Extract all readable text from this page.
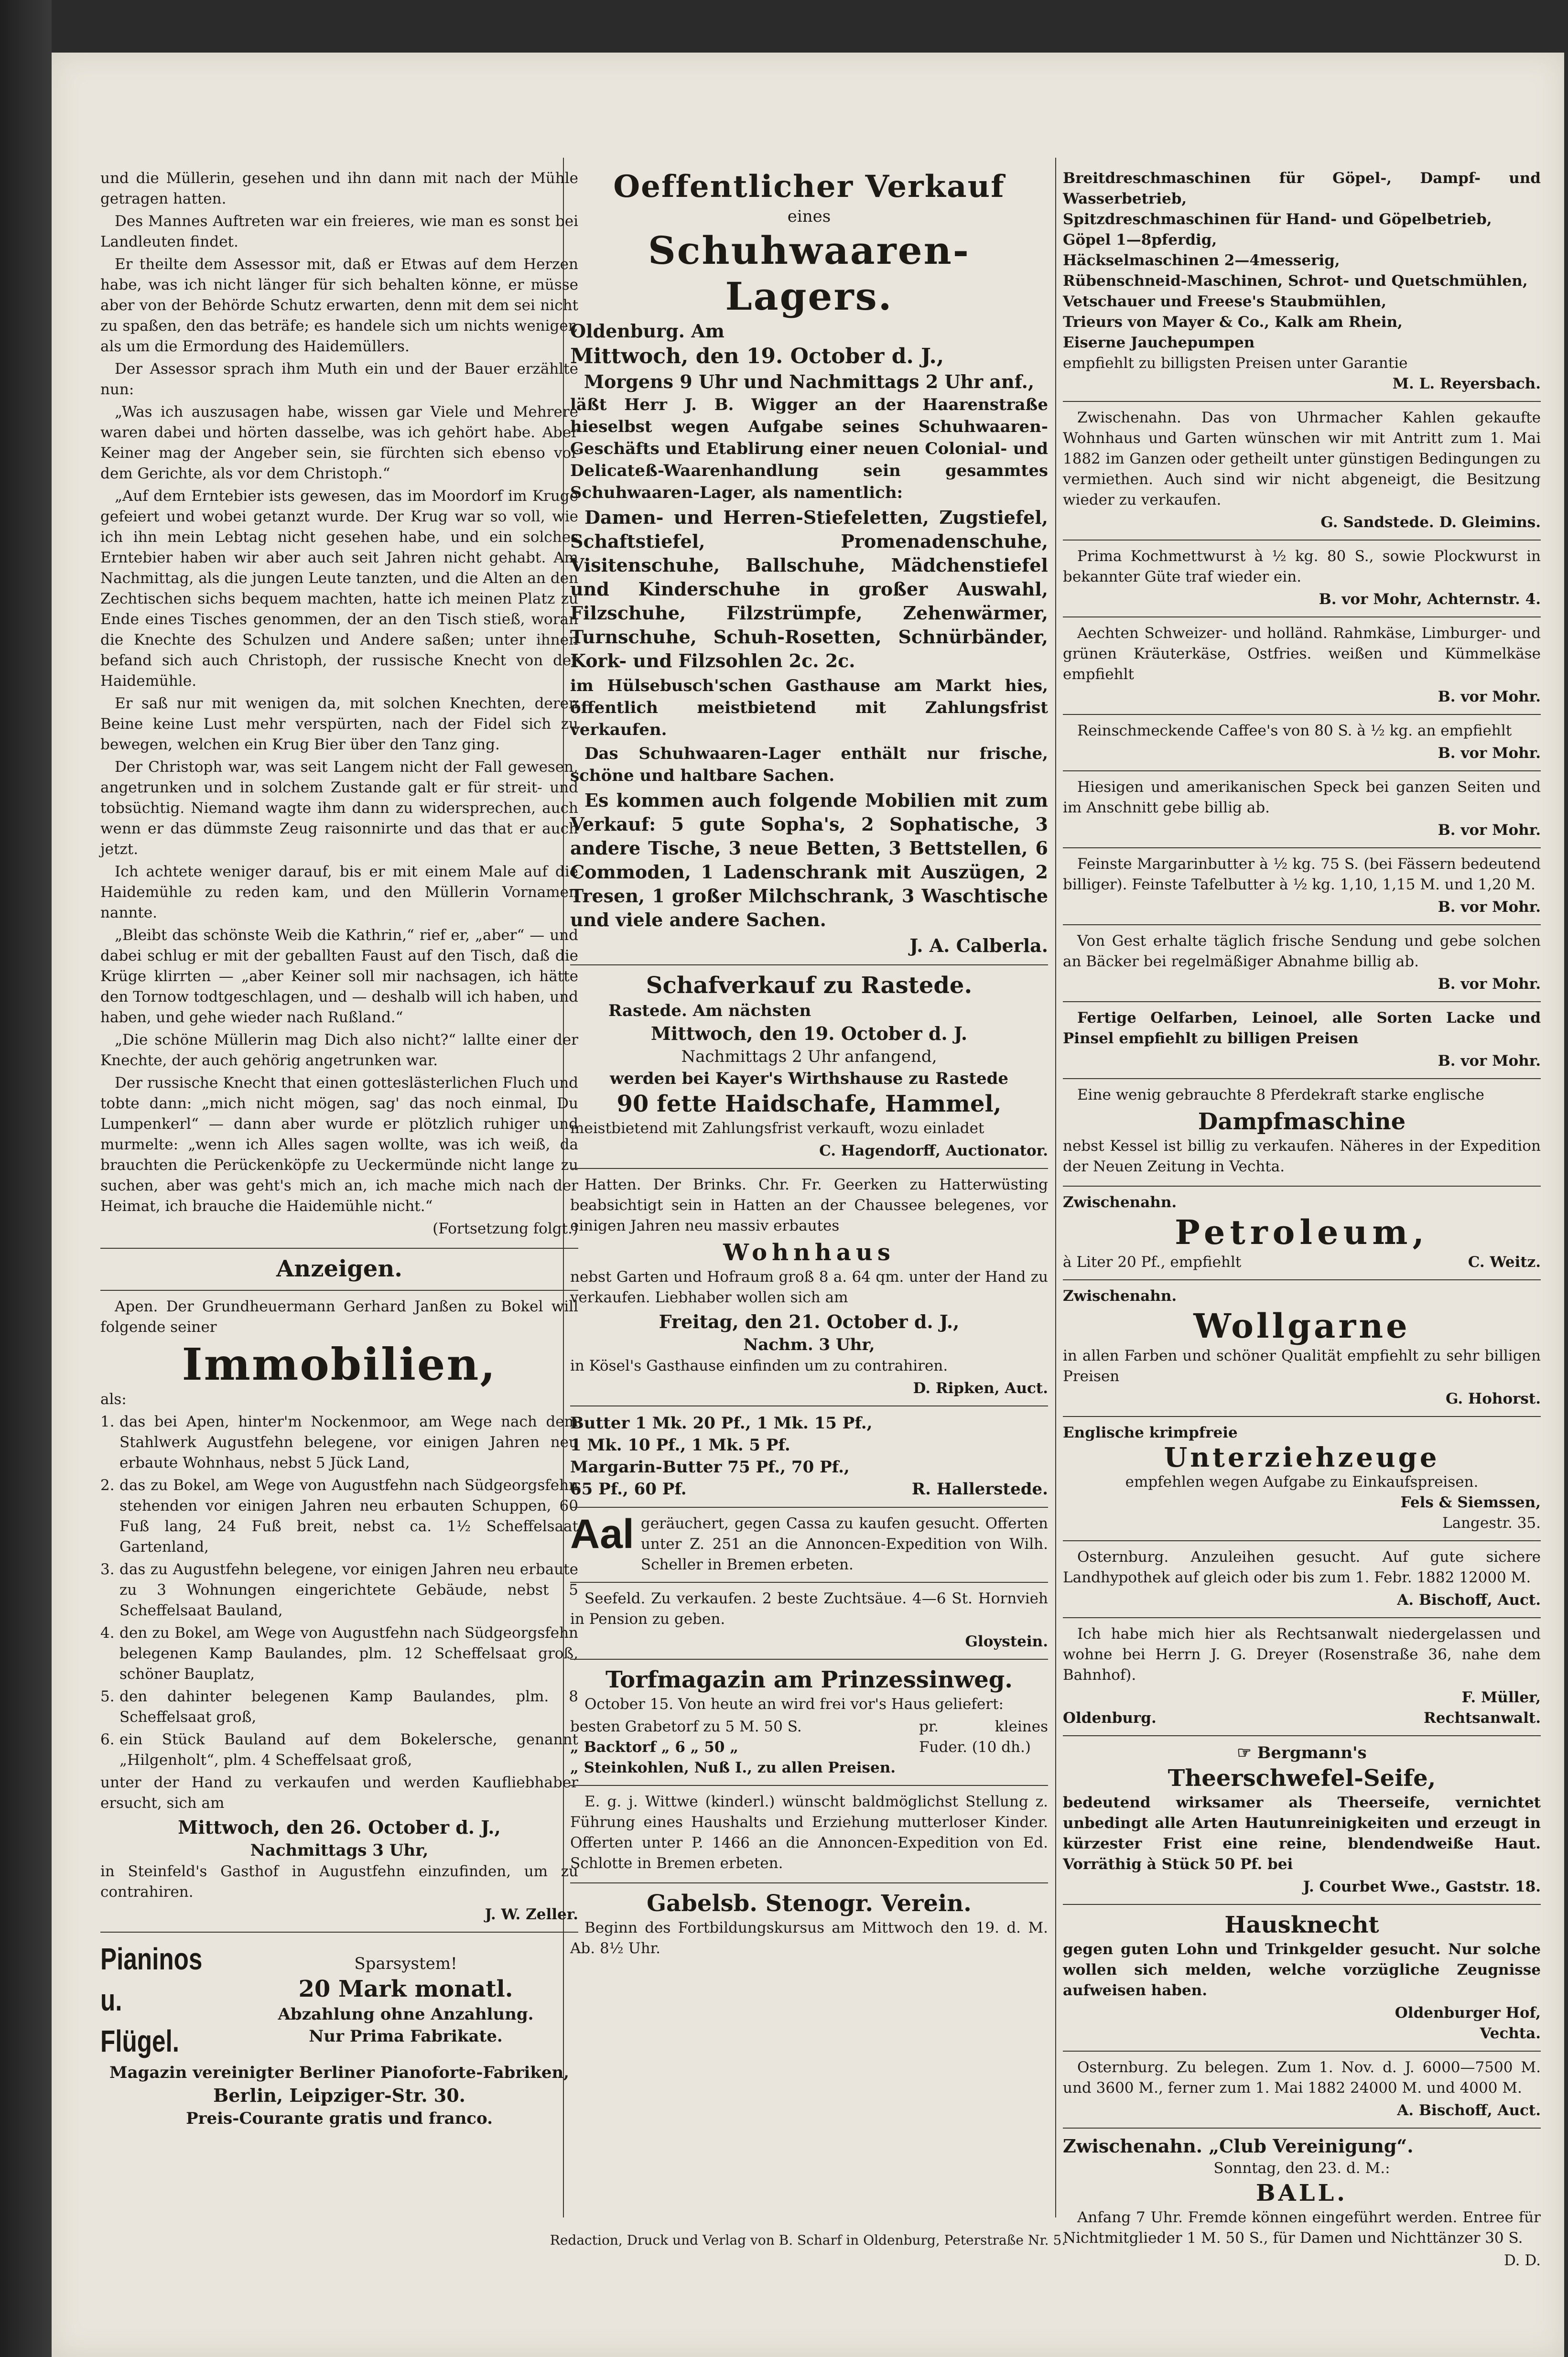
und die Müllerin, gesehen und ihn dann mit nach der Mühle getragen hatten.

Des Mannes Auftreten war ein freieres, wie man es sonst bei Landleuten findet.

Er theilte dem Assessor mit, daß er Etwas auf dem Herzen habe, was ich nicht länger für sich behalten könne, er müsse aber von der Behörde Schutz erwarten, denn mit dem sei nicht zu spaßen, den das beträfe; es handele sich um nichts weniger, als um die Ermordung des Haidemüllers.

Der Assessor sprach ihm Muth ein und der Bauer erzählte nun:

„Was ich auszusagen habe, wissen gar Viele und Mehrere waren dabei und hörten dasselbe, was ich gehört habe. Aber Keiner mag der Angeber sein, sie fürchten sich ebenso vor dem Gerichte, als vor dem Christoph.“

„Auf dem Erntebier ists gewesen, das im Moordorf im Kruge gefeiert und wobei getanzt wurde. Der Krug war so voll, wie ich ihn mein Lebtag nicht gesehen habe, und ein solches Erntebier haben wir aber auch seit Jahren nicht gehabt. Am Nachmittag, als die jungen Leute tanzten, und die Alten an den Zechtischen sichs bequem machten, hatte ich meinen Platz zu Ende eines Tisches genommen, der an den Tisch stieß, woran die Knechte des Schulzen und Andere saßen; unter ihnen befand sich auch Christoph, der russische Knecht von der Haidemühle.

Er saß nur mit wenigen da, mit solchen Knechten, deren Beine keine Lust mehr verspürten, nach der Fidel sich zu bewegen, welchen ein Krug Bier über den Tanz ging.

Der Christoph war, was seit Langem nicht der Fall gewesen, angetrunken und in solchem Zustande galt er für streit- und tobsüchtig. Niemand wagte ihm dann zu widersprechen, auch wenn er das dümmste Zeug raisonnirte und das that er auch jetzt.

Ich achtete weniger darauf, bis er mit einem Male auf die Haidemühle zu reden kam, und den Müllerin Vornamen nannte.

„Bleibt das schönste Weib die Kathrin,“ rief er, „aber“ — und dabei schlug er mit der geballten Faust auf den Tisch, daß die Krüge klirrten — „aber Keiner soll mir nachsagen, ich hätte den Tornow todtgeschlagen, und — deshalb will ich haben, und haben, und gehe wieder nach Rußland.“

„Die schöne Müllerin mag Dich also nicht?“ lallte einer der Knechte, der auch gehörig angetrunken war.

Der russische Knecht that einen gotteslästerlichen Fluch und tobte dann: „mich nicht mögen, sag' das noch einmal, Du Lumpenkerl“ — dann aber wurde er plötzlich ruhiger und murmelte: „wenn ich Alles sagen wollte, was ich weiß, da brauchten die Perückenköpfe zu Ueckermünde nicht lange zu suchen, aber was geht's mich an, ich mache mich nach der Heimat, ich brauche die Haidemühle nicht.“

(Fortsetzung folgt.)

Anzeigen.

Apen. Der Grundheuermann Gerhard Janßen zu Bokel will folgende seiner

Immobilien,

als:

1. das bei Apen, hinter'm Nockenmoor, am Wege nach dem Stahlwerk Augustfehn belegene, vor einigen Jahren neu erbaute Wohnhaus, nebst 5 Jück Land,

2. das zu Bokel, am Wege von Augustfehn nach Südgeorgsfehn stehenden vor einigen Jahren neu erbauten Schuppen, 60 Fuß lang, 24 Fuß breit, nebst ca. 1½ Scheffelsaat Gartenland,

3. das zu Augustfehn belegene, vor einigen Jahren neu erbaute zu 3 Wohnungen eingerichtete Gebäude, nebst 5 Scheffelsaat Bauland,

4. den zu Bokel, am Wege von Augustfehn nach Südgeorgsfehn belegenen Kamp Baulandes, plm. 12 Scheffelsaat groß, schöner Bauplatz,

5. den dahinter belegenen Kamp Baulandes, plm. 8 Scheffelsaat groß,

6. ein Stück Bauland auf dem Bokelersche, genannt „Hilgenholt“, plm. 4 Scheffelsaat groß,

unter der Hand zu verkaufen und werden Kaufliebhaber ersucht, sich am

Mittwoch, den 26. October d. J.,
Nachmittags 3 Uhr,

in Steinfeld's Gasthof in Augustfehn einzufinden, um zu contrahiren.

J. W. Zeller.
Pianinos u. Flügel.
Sparsystem!
20 Mark monatl.
Abzahlung ohne Anzahlung.
Nur Prima Fabrikate.
Magazin vereinigter Berliner Pianoforte-Fabriken,
Berlin, Leipziger-Str. 30.
Preis-Courante gratis und franco.
Oeffentlicher Verkauf
eines
Schuhwaaren-Lagers.
Oldenburg. Am
Mittwoch, den 19. October d. J.,
Morgens 9 Uhr und Nachmittags 2 Uhr anf.,

läßt Herr J. B. Wigger an der Haarenstraße hieselbst wegen Aufgabe seines Schuhwaaren-Geschäfts und Etablirung einer neuen Colonial- und Delicateß-Waarenhandlung sein gesammtes Schuhwaaren-Lager, als namentlich:

Damen- und Herren-Stiefeletten, Zugstiefel, Schaftstiefel, Promenadenschuhe, Visitenschuhe, Ballschuhe, Mädchenstiefel und Kinderschuhe in großer Auswahl, Filzschuhe, Filzstrümpfe, Zehenwärmer, Turnschuhe, Schuh-Rosetten, Schnürbänder, Kork- und Filzsohlen 2c. 2c.

im Hülsebusch'schen Gasthause am Markt hies, öffentlich meistbietend mit Zahlungsfrist verkaufen.

Das Schuhwaaren-Lager enthält nur frische, schöne und haltbare Sachen.

Es kommen auch folgende Mobilien mit zum Verkauf: 5 gute Sopha's, 2 Sophatische, 3 andere Tische, 3 neue Betten, 3 Bettstellen, 6 Commoden, 1 Ladenschrank mit Auszügen, 2 Tresen, 1 großer Milchschrank, 3 Waschtische und viele andere Sachen.

J. A. Calberla.
Schafverkauf zu Rastede.
Rastede. Am nächsten
Mittwoch, den 19. October d. J.
Nachmittags 2 Uhr anfangend,
werden bei Kayer's Wirthshause zu Rastede
90 fette Haidschafe, Hammel,

meistbietend mit Zahlungsfrist verkauft, wozu einladet

C. Hagendorff, Auctionator.

Hatten. Der Brinks. Chr. Fr. Geerken zu Hatterwüsting beabsichtigt sein in Hatten an der Chaussee belegenes, vor einigen Jahren neu massiv erbautes

Wohnhaus

nebst Garten und Hofraum groß 8 a. 64 qm. unter der Hand zu verkaufen. Liebhaber wollen sich am

Freitag, den 21. October d. J.,
Nachm. 3 Uhr,

in Kösel's Gasthause einfinden um zu contrahiren.

D. Ripken, Auct.
Butter 1 Mk. 20 Pf., 1 Mk. 15 Pf.,
1 Mk. 10 Pf., 1 Mk. 5 Pf.
Margarin-Butter 75 Pf., 70 Pf.,
65 Pf., 60 Pf.	R. Hallerstede.
Aal geräuchert, gegen Cassa zu kaufen gesucht. Offerten unter Z. 251 an die Annoncen-Expedition von Wilh. Scheller in Bremen erbeten.

Seefeld. Zu verkaufen. 2 beste Zuchtsäue. 4—6 St. Hornvieh in Pension zu geben.

Gloystein.
Torfmagazin am Prinzessinweg.

October 15. Von heute an wird frei vor's Haus geliefert:

besten Grabetorf zu 5 M. 50 S.
„ Backtorf „ 6 „ 50 „
„ Steinkohlen, Nuß I., zu allen Preisen.
pr. kleines Fuder. (10 dh.)

E. g. j. Wittwe (kinderl.) wünscht baldmöglichst Stellung z. Führung eines Haushalts und Erziehung mutterloser Kinder. Offerten unter P. 1466 an die Annoncen-Expedition von Ed. Schlotte in Bremen erbeten.

Gabelsb. Stenogr. Verein.

Beginn des Fortbildungskursus am Mittwoch den 19. d. M. Ab. 8½ Uhr.

Breitdreschmaschinen für Göpel-, Dampf- und Wasserbetrieb,
Spitzdreschmaschinen für Hand- und Göpelbetrieb,
Göpel 1—8pferdig,
Häckselmaschinen 2—4messerig,
Rübenschneid-Maschinen, Schrot- und Quetschmühlen,
Vetschauer und Freese's Staubmühlen,
Trieurs von Mayer & Co., Kalk am Rhein,
Eiserne Jauchepumpen
empfiehlt zu billigsten Preisen unter Garantie
M. L. Reyersbach.

Zwischenahn. Das von Uhrmacher Kahlen gekaufte Wohnhaus und Garten wünschen wir mit Antritt zum 1. Mai 1882 im Ganzen oder getheilt unter günstigen Bedingungen zu vermiethen. Auch sind wir nicht abgeneigt, die Besitzung wieder zu verkaufen.

G. Sandstede. D. Gleimins.

Prima Kochmettwurst à ½ kg. 80 S., sowie Plockwurst in bekannter Güte traf wieder ein.

B. vor Mohr, Achternstr. 4.

Aechten Schweizer- und holländ. Rahmkäse, Limburger- und grünen Kräuterkäse, Ostfries. weißen und Kümmelkäse empfiehlt

B. vor Mohr.

Reinschmeckende Caffee's von 80 S. à ½ kg. an empfiehlt

B. vor Mohr.

Hiesigen und amerikanischen Speck bei ganzen Seiten und im Anschnitt gebe billig ab.

B. vor Mohr.

Feinste Margarinbutter à ½ kg. 75 S. (bei Fässern bedeutend billiger). Feinste Tafelbutter à ½ kg. 1,10, 1,15 M. und 1,20 M.

B. vor Mohr.

Von Gest erhalte täglich frische Sendung und gebe solchen an Bäcker bei regelmäßiger Abnahme billig ab.

B. vor Mohr.

Fertige Oelfarben, Leinoel, alle Sorten Lacke und Pinsel empfiehlt zu billigen Preisen

B. vor Mohr.

Eine wenig gebrauchte 8 Pferdekraft starke englische

Dampfmaschine

nebst Kessel ist billig zu verkaufen. Näheres in der Expedition der Neuen Zeitung in Vechta.

Zwischenahn.
Petroleum,
à Liter 20 Pf., empfiehlt	C. Weitz.
Zwischenahn.
Wollgarne

in allen Farben und schöner Qualität empfiehlt zu sehr billigen Preisen

G. Hohorst.
Englische krimpfreie
Unterziehzeuge
empfehlen wegen Aufgabe zu Einkaufspreisen.
Fels & Siemssen,
Langestr. 35.

Osternburg. Anzuleihen gesucht. Auf gute sichere Landhypothek auf gleich oder bis zum 1. Febr. 1882 12000 M.

A. Bischoff, Auct.

Ich habe mich hier als Rechtsanwalt niedergelassen und wohne bei Herrn J. G. Dreyer (Rosenstraße 36, nahe dem Bahnhof).

F. Müller,
Oldenburg.	Rechtsanwalt.
☞ Bergmann's
Theerschwefel-Seife,

bedeutend wirksamer als Theerseife, vernichtet unbedingt alle Arten Hautunreinigkeiten und erzeugt in kürzester Frist eine reine, blendendweiße Haut. Vorräthig à Stück 50 Pf. bei

J. Courbet Wwe., Gaststr. 18.
Hausknecht

gegen guten Lohn und Trinkgelder gesucht. Nur solche wollen sich melden, welche vorzügliche Zeugnisse aufweisen haben.

Oldenburger Hof,
Vechta.

Osternburg. Zu belegen. Zum 1. Nov. d. J. 6000—7500 M. und 3600 M., ferner zum 1. Mai 1882 24000 M. und 4000 M.

A. Bischoff, Auct.
Zwischenahn. „Club Vereinigung“.
Sonntag, den 23. d. M.:
BALL.

Anfang 7 Uhr. Fremde können eingeführt werden. Entree für Nichtmitglieder 1 M. 50 S., für Damen und Nichttänzer 30 S.

D. D.
Redaction, Druck und Verlag von B. Scharf in Oldenburg, Peterstraße Nr. 5.
